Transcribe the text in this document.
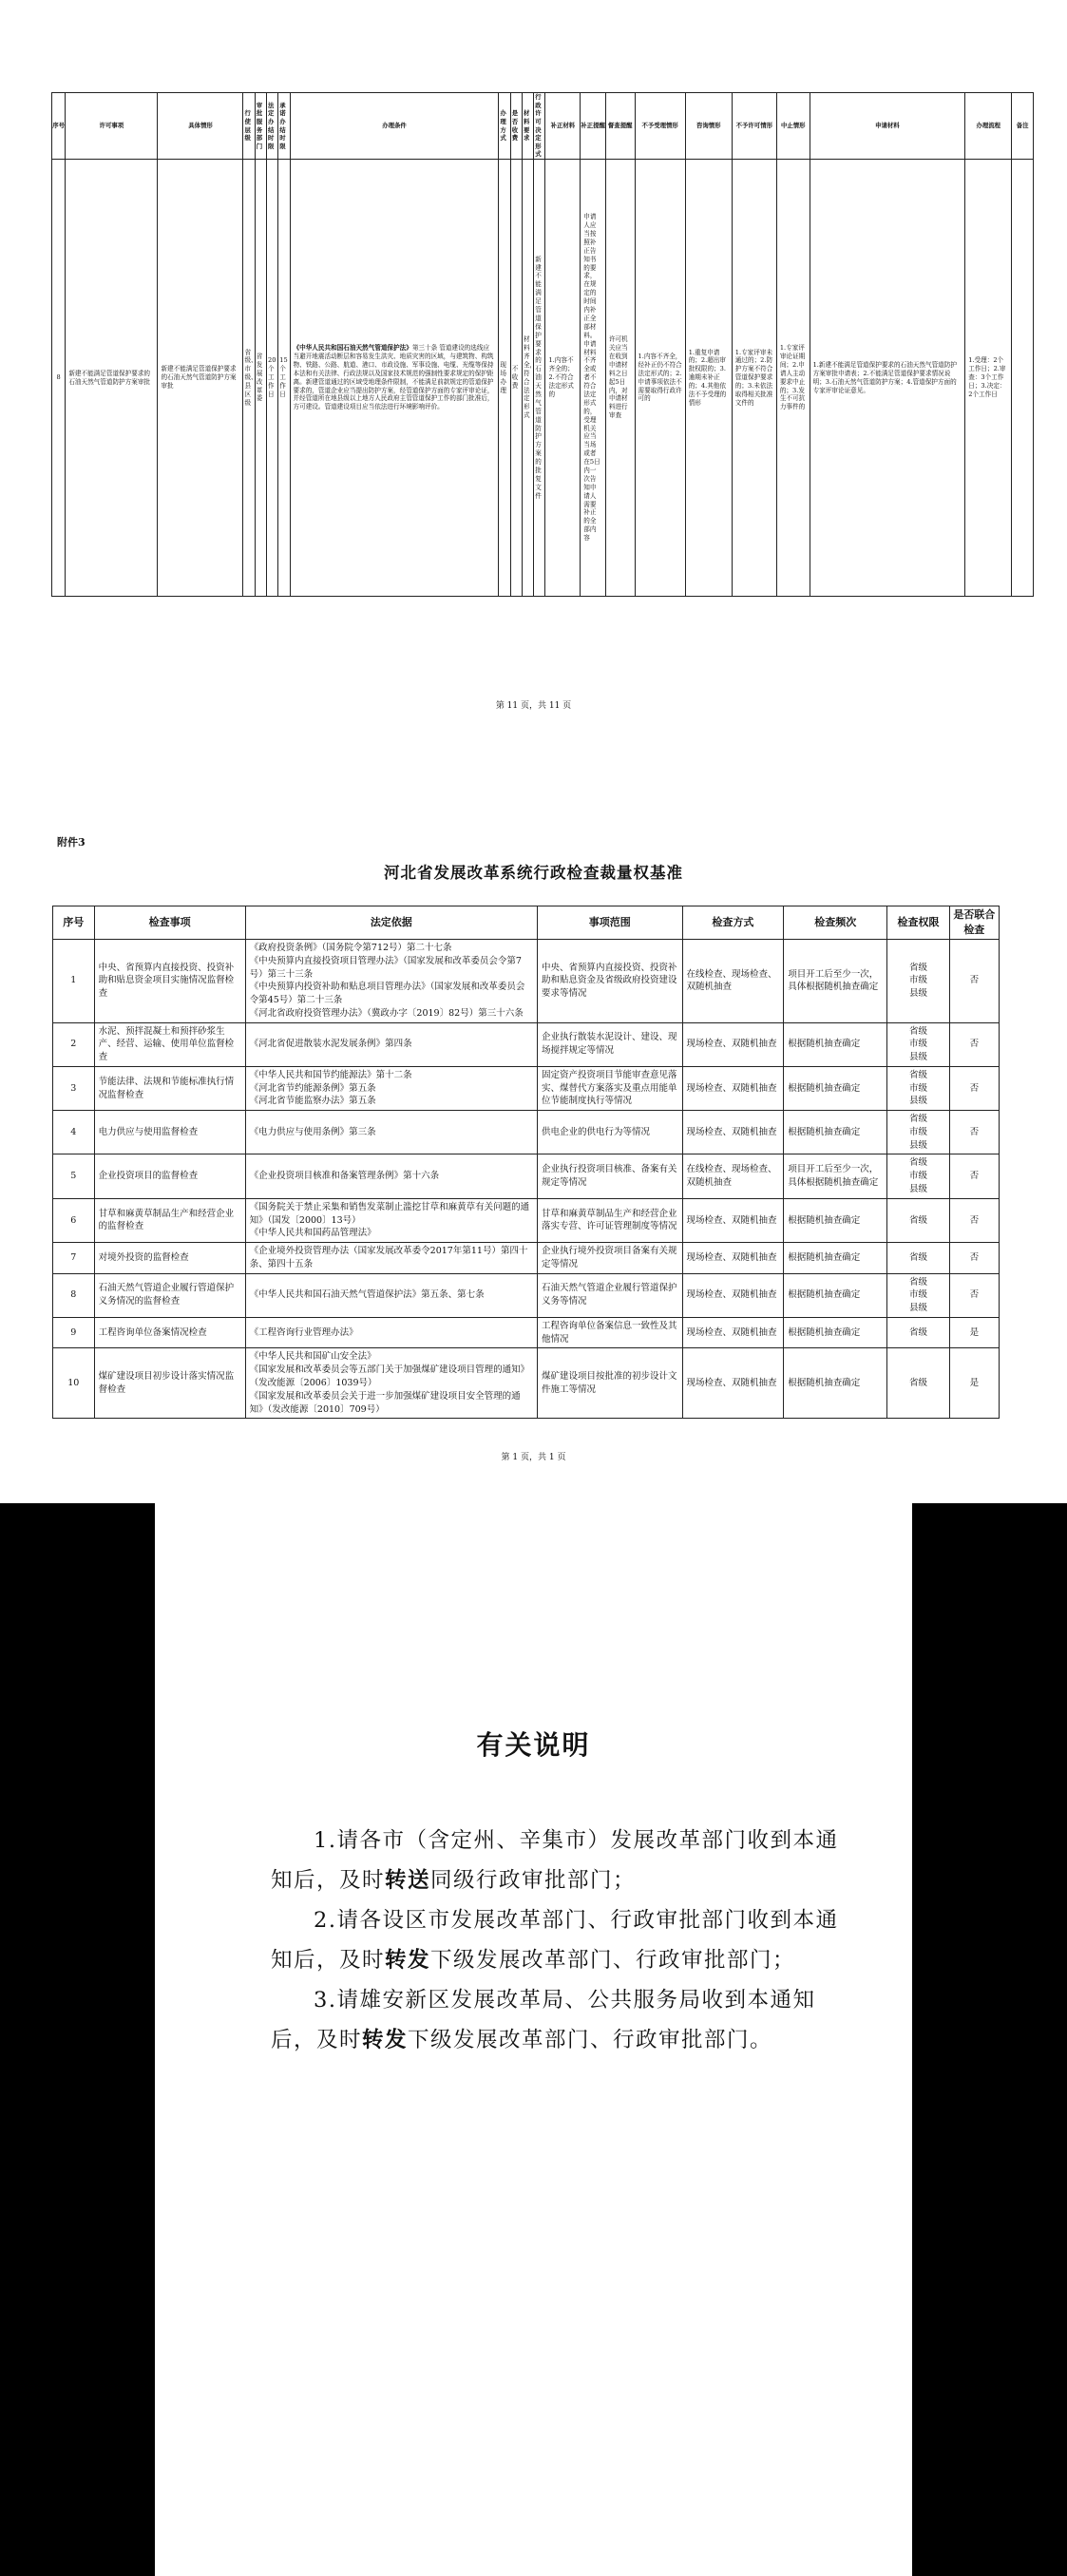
序号	许可事项	具体情形	行使层级	审批服务部门	法定办结时限	承诺办结时限	办理条件	办理方式	是否收费	材料要求	行政许可决定形式	补正材料	补正提醒	督查提醒	不予受理情形	咨询情形	不予许可情形	中止情形	申请材料	办理流程	备注
8	新建不能满足管道保护要求的石油天然气管道防护方案审批	新建不能满足管道保护要求的石油天然气管道防护方案审批	省级、市级、县区级	省发展改革委	20个工作日	15个工作日	《中华人民共和国石油天然气管道保护法》第三十条 管道建设的选线应当避开地震活动断层和容易发生洪灾、地质灾害的区域，与建筑物、构筑物、铁路、公路、航道、港口、市政设施、军事设施、电缆、光缆等保持本法和有关法律、行政法规以及国家技术规范的强制性要求规定的保护距离。新建管道通过的区域受地理条件限制，不能满足前款规定的管道保护要求的，管道企业应当提出防护方案，经管道保护方面的专家评审论证，并经管道所在地县级以上地方人民政府主管管道保护工作的部门批准后，方可建设。管道建设项目应当依法进行环境影响评价。	现场办理	不收费	材料齐全，符合法定形式	新建不能满足管道保护要求的石油天然气管道防护方案的批复文件	1.内容不齐全的；2.不符合法定形式的	申请人应当按照补正告知书的要求，在规定的时间内补正全部材料。申请材料不齐全或者不符合法定形式的，受理机关应当当场或者在5日内一次告知申请人需要补正的全部内容	许可机关应当在收到申请材料之日起5日内，对申请材料进行审查	1.内容不齐全，经补正仍不符合法定形式的；2.申请事项依法不需要取得行政许可的	1.重复申请的；2.超出审批权限的；3.逾期未补正的；4.其他依法不予受理的情形	1.专家评审未通过的；2.防护方案不符合管道保护要求的；3.未依法取得相关批准文件的	1.专家评审论证期间；2.申请人主动要求中止的；3.发生不可抗力事件的	1.新建不能满足管道保护要求的石油天然气管道防护方案审批申请表；2.不能满足管道保护要求情况说明；3.石油天然气管道防护方案；4.管道保护方面的专家评审论证意见。	1.受理：2个工作日；2.审查：3个工作日；3.决定：2个工作日	
第 11 页，共 11 页
附件3
河北省发展改革系统行政检查裁量权基准
序号	检查事项	法定依据	事项范围	检查方式	检查频次	检查权限	是否联合检查
1	中央、省预算内直接投资、投资补助和贴息资金项目实施情况监督检查	《政府投资条例》（国务院令第712号）第二十七条
《中央预算内直接投资项目管理办法》（国家发展和改革委员会令第7号）第三十三条
《中央预算内投资补助和贴息项目管理办法》（国家发展和改革委员会令第45号）第二十三条
《河北省政府投资管理办法》（冀政办字〔2019〕82号）第三十六条	中央、省预算内直接投资、投资补助和贴息资金及省级政府投资建设要求等情况	在线检查、现场检查、双随机抽查	项目开工后至少一次，具体根据随机抽查确定	省级
市级
县级	否
2	水泥、预拌混凝土和预拌砂浆生产、经营、运输、使用单位监督检查	《河北省促进散装水泥发展条例》第四条	企业执行散装水泥设计、建设、现场搅拌规定等情况	现场检查、双随机抽查	根据随机抽查确定	省级
市级
县级	否
3	节能法律、法规和节能标准执行情况监督检查	《中华人民共和国节约能源法》第十二条
《河北省节约能源条例》第五条
《河北省节能监察办法》第五条	固定资产投资项目节能审查意见落实、煤替代方案落实及重点用能单位节能制度执行等情况	现场检查、双随机抽查	根据随机抽查确定	省级
市级
县级	否
4	电力供应与使用监督检查	《电力供应与使用条例》第三条	供电企业的供电行为等情况	现场检查、双随机抽查	根据随机抽查确定	省级
市级
县级	否
5	企业投资项目的监督检查	《企业投资项目核准和备案管理条例》第十六条	企业执行投资项目核准、备案有关规定等情况	在线检查、现场检查、双随机抽查	项目开工后至少一次，具体根据随机抽查确定	省级
市级
县级	否
6	甘草和麻黄草制品生产和经营企业的监督检查	《国务院关于禁止采集和销售发菜制止滥挖甘草和麻黄草有关问题的通知》（国发〔2000〕13号）
《中华人民共和国药品管理法》	甘草和麻黄草制品生产和经营企业落实专营、许可证管理制度等情况	现场检查、双随机抽查	根据随机抽查确定	省级	否
7	对境外投资的监督检查	《企业境外投资管理办法（国家发展改革委令2017年第11号）第四十条、第四十五条	企业执行境外投资项目备案有关规定等情况	现场检查、双随机抽查	根据随机抽查确定	省级	否
8	石油天然气管道企业履行管道保护义务情况的监督检查	《中华人民共和国石油天然气管道保护法》第五条、第七条	石油天然气管道企业履行管道保护义务等情况	现场检查、双随机抽查	根据随机抽查确定	省级
市级
县级	否
9	工程咨询单位备案情况检查	《工程咨询行业管理办法》	工程咨询单位备案信息一致性及其他情况	现场检查、双随机抽查	根据随机抽查确定	省级	是
10	煤矿建设项目初步设计落实情况监督检查	《中华人民共和国矿山安全法》
《国家发展和改革委员会等五部门关于加强煤矿建设项目管理的通知》（发改能源〔2006〕1039号）
《国家发展和改革委员会关于进一步加强煤矿建设项目安全管理的通知》（发改能源〔2010〕709号）	煤矿建设项目按批准的初步设计文件施工等情况	现场检查、双随机抽查	根据随机抽查确定	省级	是
第 1 页，共 1 页
有关说明
1.请各市（含定州、辛集市）发展改革部门收到本通知后，及时转送同级行政审批部门；
2.请各设区市发展改革部门、行政审批部门收到本通知后，及时转发下级发展改革部门、行政审批部门；
3.请雄安新区发展改革局、公共服务局收到本通知后，及时转发下级发展改革部门、行政审批部门。
